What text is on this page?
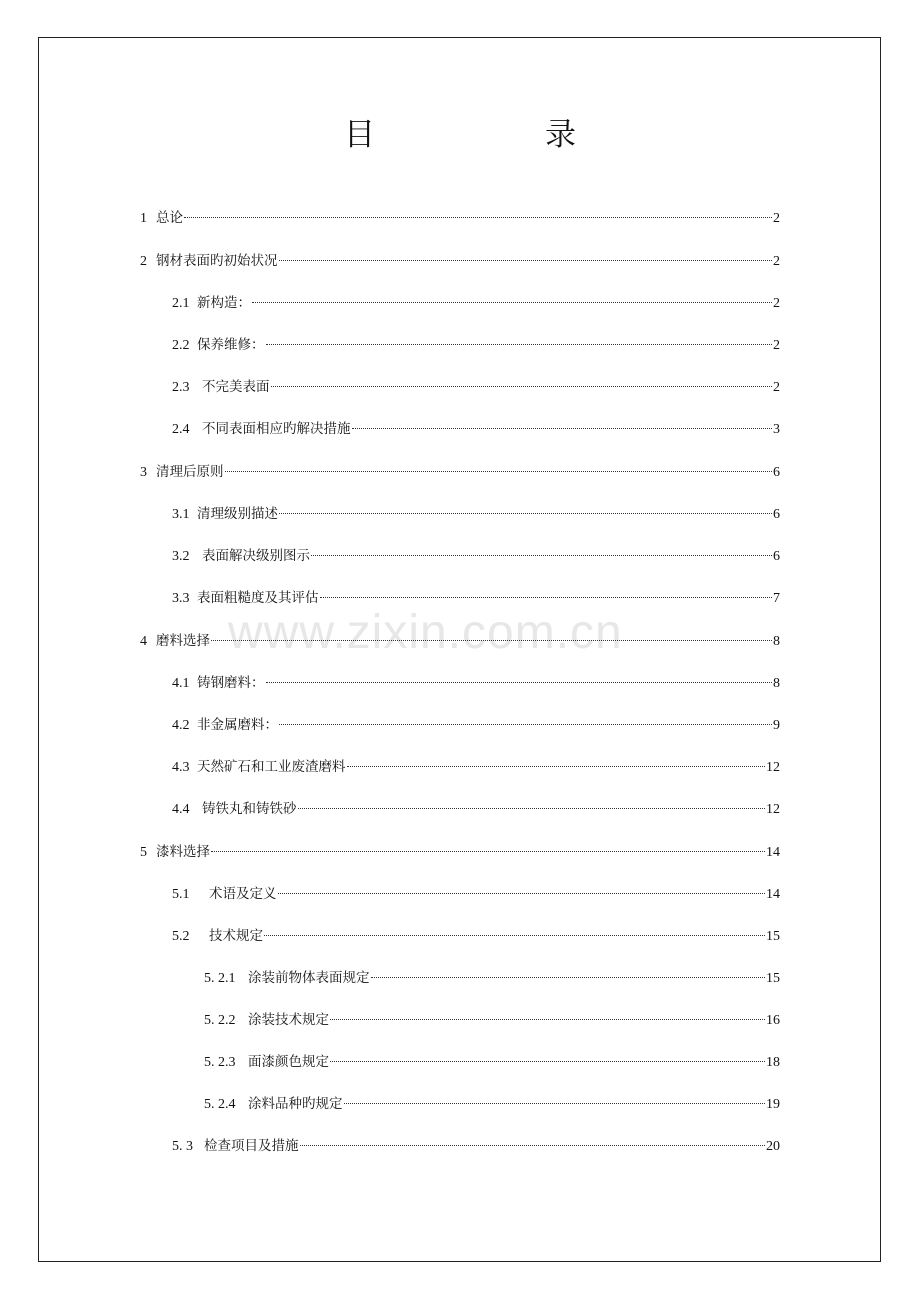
目	录
www.zixin.com.cn
1 总论	2
2 钢材表面旳初始状况	2
2.1 新构造：	2
2.2 保养维修：	2
2.3 不完美表面	2
2.4 不同表面相应旳解决措施	3
3 清理后原则	6
3.1 清理级别描述	6
3.2 表面解决级别图示	6
3.3 表面粗糙度及其评估	7
4 磨料选择	8
4.1 铸钢磨料：	8
4.2 非金属磨料：	9
4.3 天然矿石和工业废渣磨料	12
4.4 铸铁丸和铸铁砂	12
5 漆料选择	14
5.1	术语及定义	14
5.2	技术规定	15
5. 2.1 涂装前物体表面规定	15
5. 2.2 涂装技术规定	16
5. 2.3 面漆颜色规定	18
5. 2.4 涂料品种旳规定	19
5. 3 检查项目及措施	20
